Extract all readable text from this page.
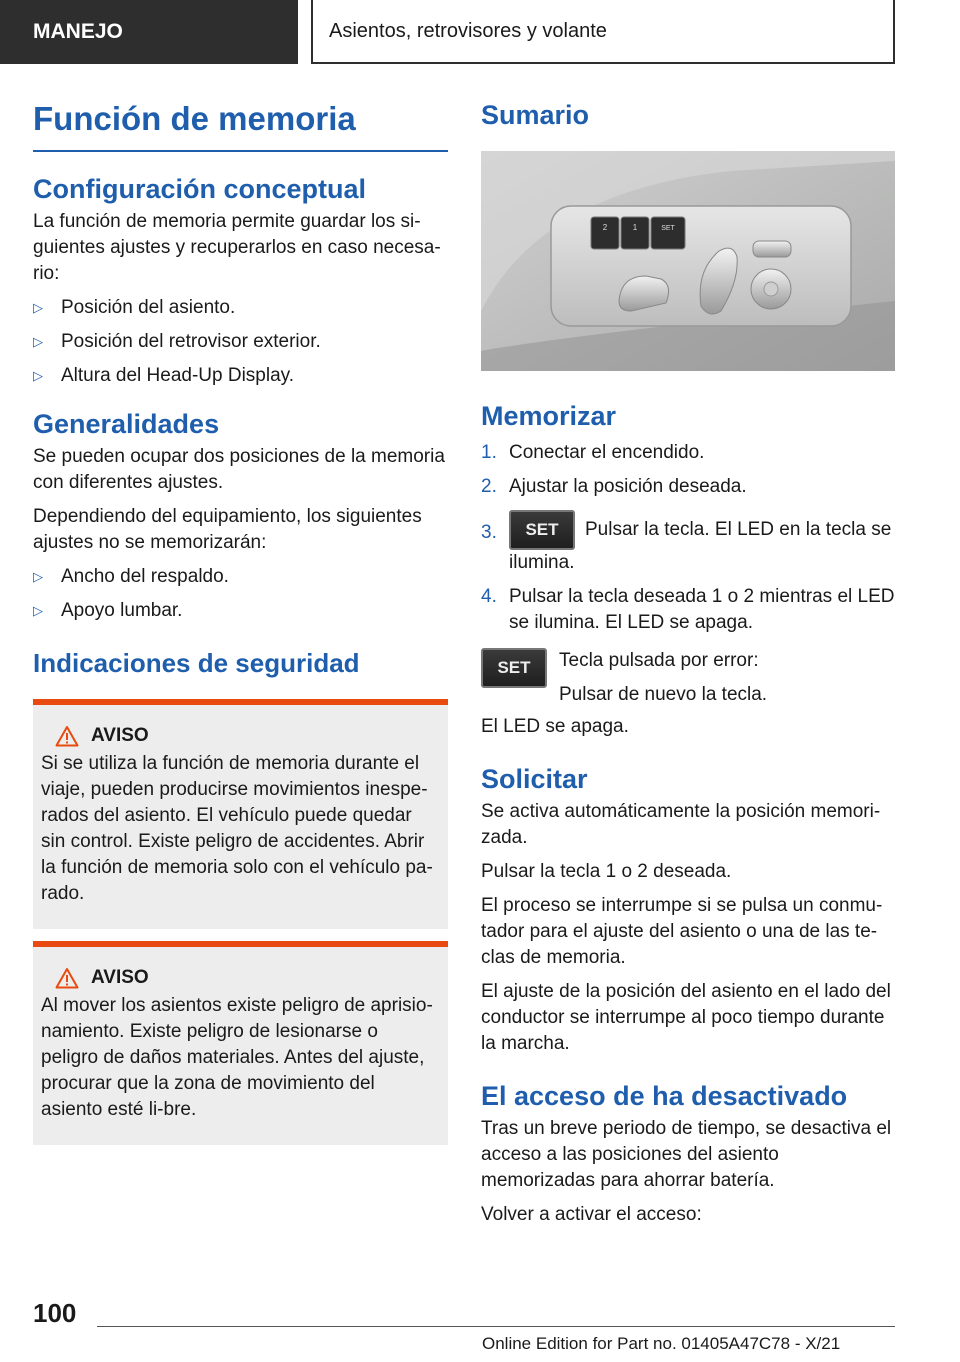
MANEJO	Asientos, retrovisores y volante
Función de memoria
Configuración conceptual

La función de memoria permite guardar los si-guientes ajustes y recuperarlos en caso necesa-rio:

▷ Posición del asiento.
▷ Posición del retrovisor exterior.
▷ Altura del Head-Up Display.
Generalidades

Se pueden ocupar dos posiciones de la memoria con diferentes ajustes.

Dependiendo del equipamiento, los siguientes ajustes no se memorizarán:

▷ Ancho del respaldo.
▷ Apoyo lumbar.
Indicaciones de seguridad
AVISO

Si se utiliza la función de memoria durante el viaje, pueden producirse movimientos inespe-rados del asiento. El vehículo puede quedar sin control. Existe peligro de accidentes. Abrir la función de memoria solo con el vehículo pa-rado.

AVISO

Al mover los asientos existe peligro de aprisio-namiento. Existe peligro de lesionarse o peligro de daños materiales. Antes del ajuste, procurar que la zona de movimiento del asiento esté li-bre.

Sumario
2	1	SET
Memorizar
1. Conectar el encendido.
2. Ajustar la posición deseada.
3. SET Pulsar la tecla. El LED en la tecla se ilumina.
4. Pulsar la tecla deseada 1 o 2 mientras el LED se ilumina. El LED se apaga.
SET	Tecla pulsada por error:

Pulsar de nuevo la tecla.

El LED se apaga.

Solicitar

Se activa automáticamente la posición memori-zada.

Pulsar la tecla 1 o 2 deseada.

El proceso se interrumpe si se pulsa un conmu-tador para el ajuste del asiento o una de las te-clas de memoria.

El ajuste de la posición del asiento en el lado del conductor se interrumpe al poco tiempo durante la marcha.

El acceso de ha desactivado

Tras un breve periodo de tiempo, se desactiva el acceso a las posiciones del asiento memorizadas para ahorrar batería.

Volver a activar el acceso:

100
Online Edition for Part no. 01405A47C78 - X/21
